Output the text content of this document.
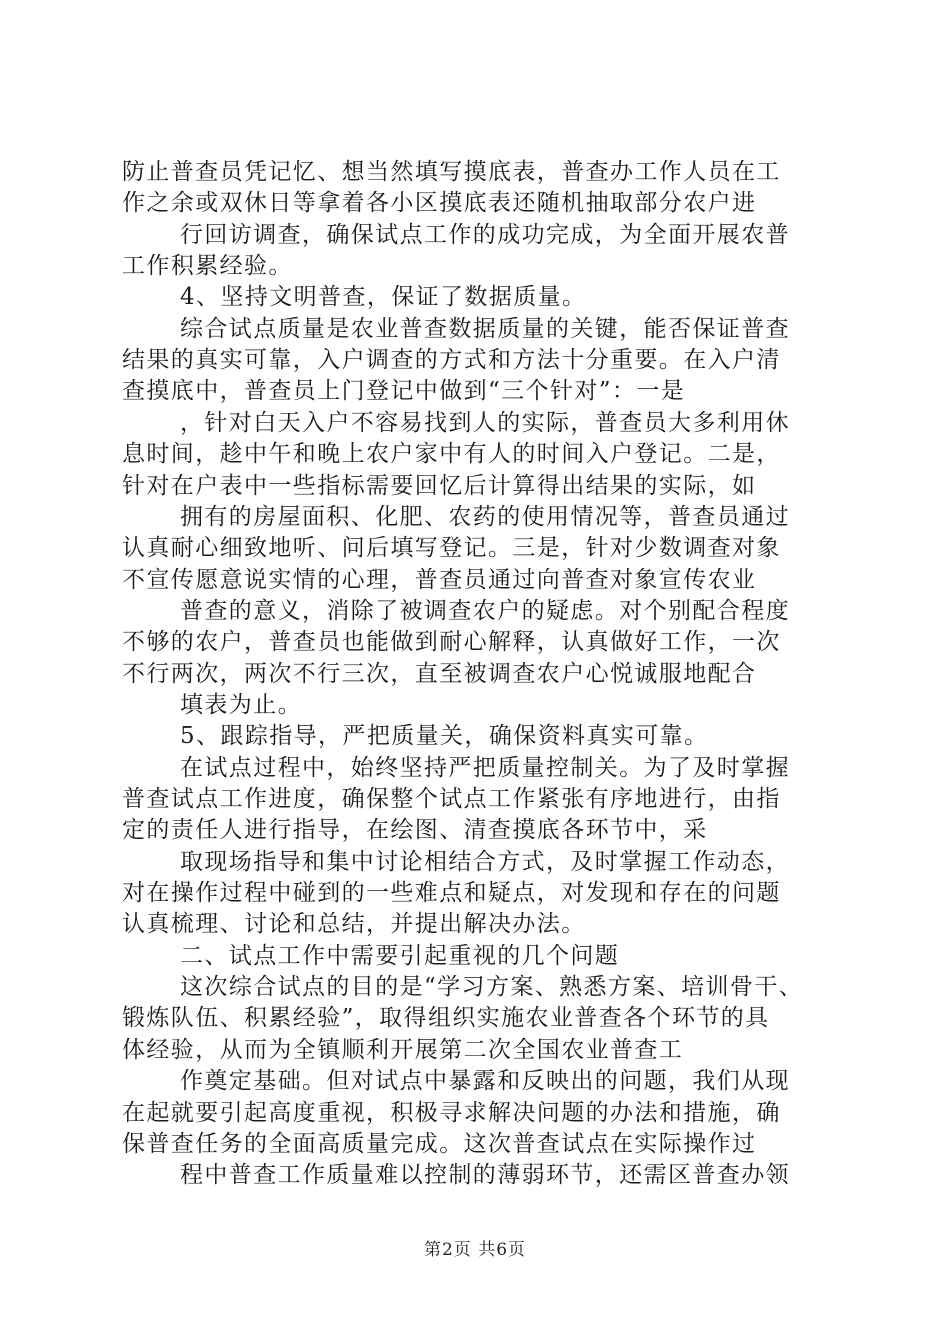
防止普查员凭记忆、想当然填写摸底表，普查办工作人员在工
作之余或双休日等拿着各小区摸底表还随机抽取部分农户进
行回访调查，确保试点工作的成功完成，为全面开展农普
工作积累经验。
4、坚持文明普查，保证了数据质量。
综合试点质量是农业普查数据质量的关键，能否保证普查
结果的真实可靠，入户调查的方式和方法十分重要。在入户清
查摸底中，普查员上门登记中做到“三个针对”：一是
，针对白天入户不容易找到人的实际，普查员大多利用休
息时间，趁中午和晚上农户家中有人的时间入户登记。二是，
针对在户表中一些指标需要回忆后计算得出结果的实际，如
拥有的房屋面积、化肥、农药的使用情况等，普查员通过
认真耐心细致地听、问后填写登记。三是，针对少数调查对象
不宣传愿意说实情的心理，普查员通过向普查对象宣传农业
普查的意义，消除了被调查农户的疑虑。对个别配合程度
不够的农户，普查员也能做到耐心解释，认真做好工作，一次
不行两次，两次不行三次，直至被调查农户心悦诚服地配合
填表为止。
5、跟踪指导，严把质量关，确保资料真实可靠。
在试点过程中，始终坚持严把质量控制关。为了及时掌握
普查试点工作进度，确保整个试点工作紧张有序地进行，由指
定的责任人进行指导，在绘图、清查摸底各环节中，采
取现场指导和集中讨论相结合方式，及时掌握工作动态，
对在操作过程中碰到的一些难点和疑点，对发现和存在的问题
认真梳理、讨论和总结，并提出解决办法。
二、试点工作中需要引起重视的几个问题
这次综合试点的目的是“学习方案、熟悉方案、培训骨干、
锻炼队伍、积累经验”，取得组织实施农业普查各个环节的具
体经验，从而为全镇顺利开展第二次全国农业普查工
作奠定基础。但对试点中暴露和反映出的问题，我们从现
在起就要引起高度重视，积极寻求解决问题的办法和措施，确
保普查任务的全面高质量完成。这次普查试点在实际操作过
程中普查工作质量难以控制的薄弱环节，还需区普查办领
第2页 共6页
